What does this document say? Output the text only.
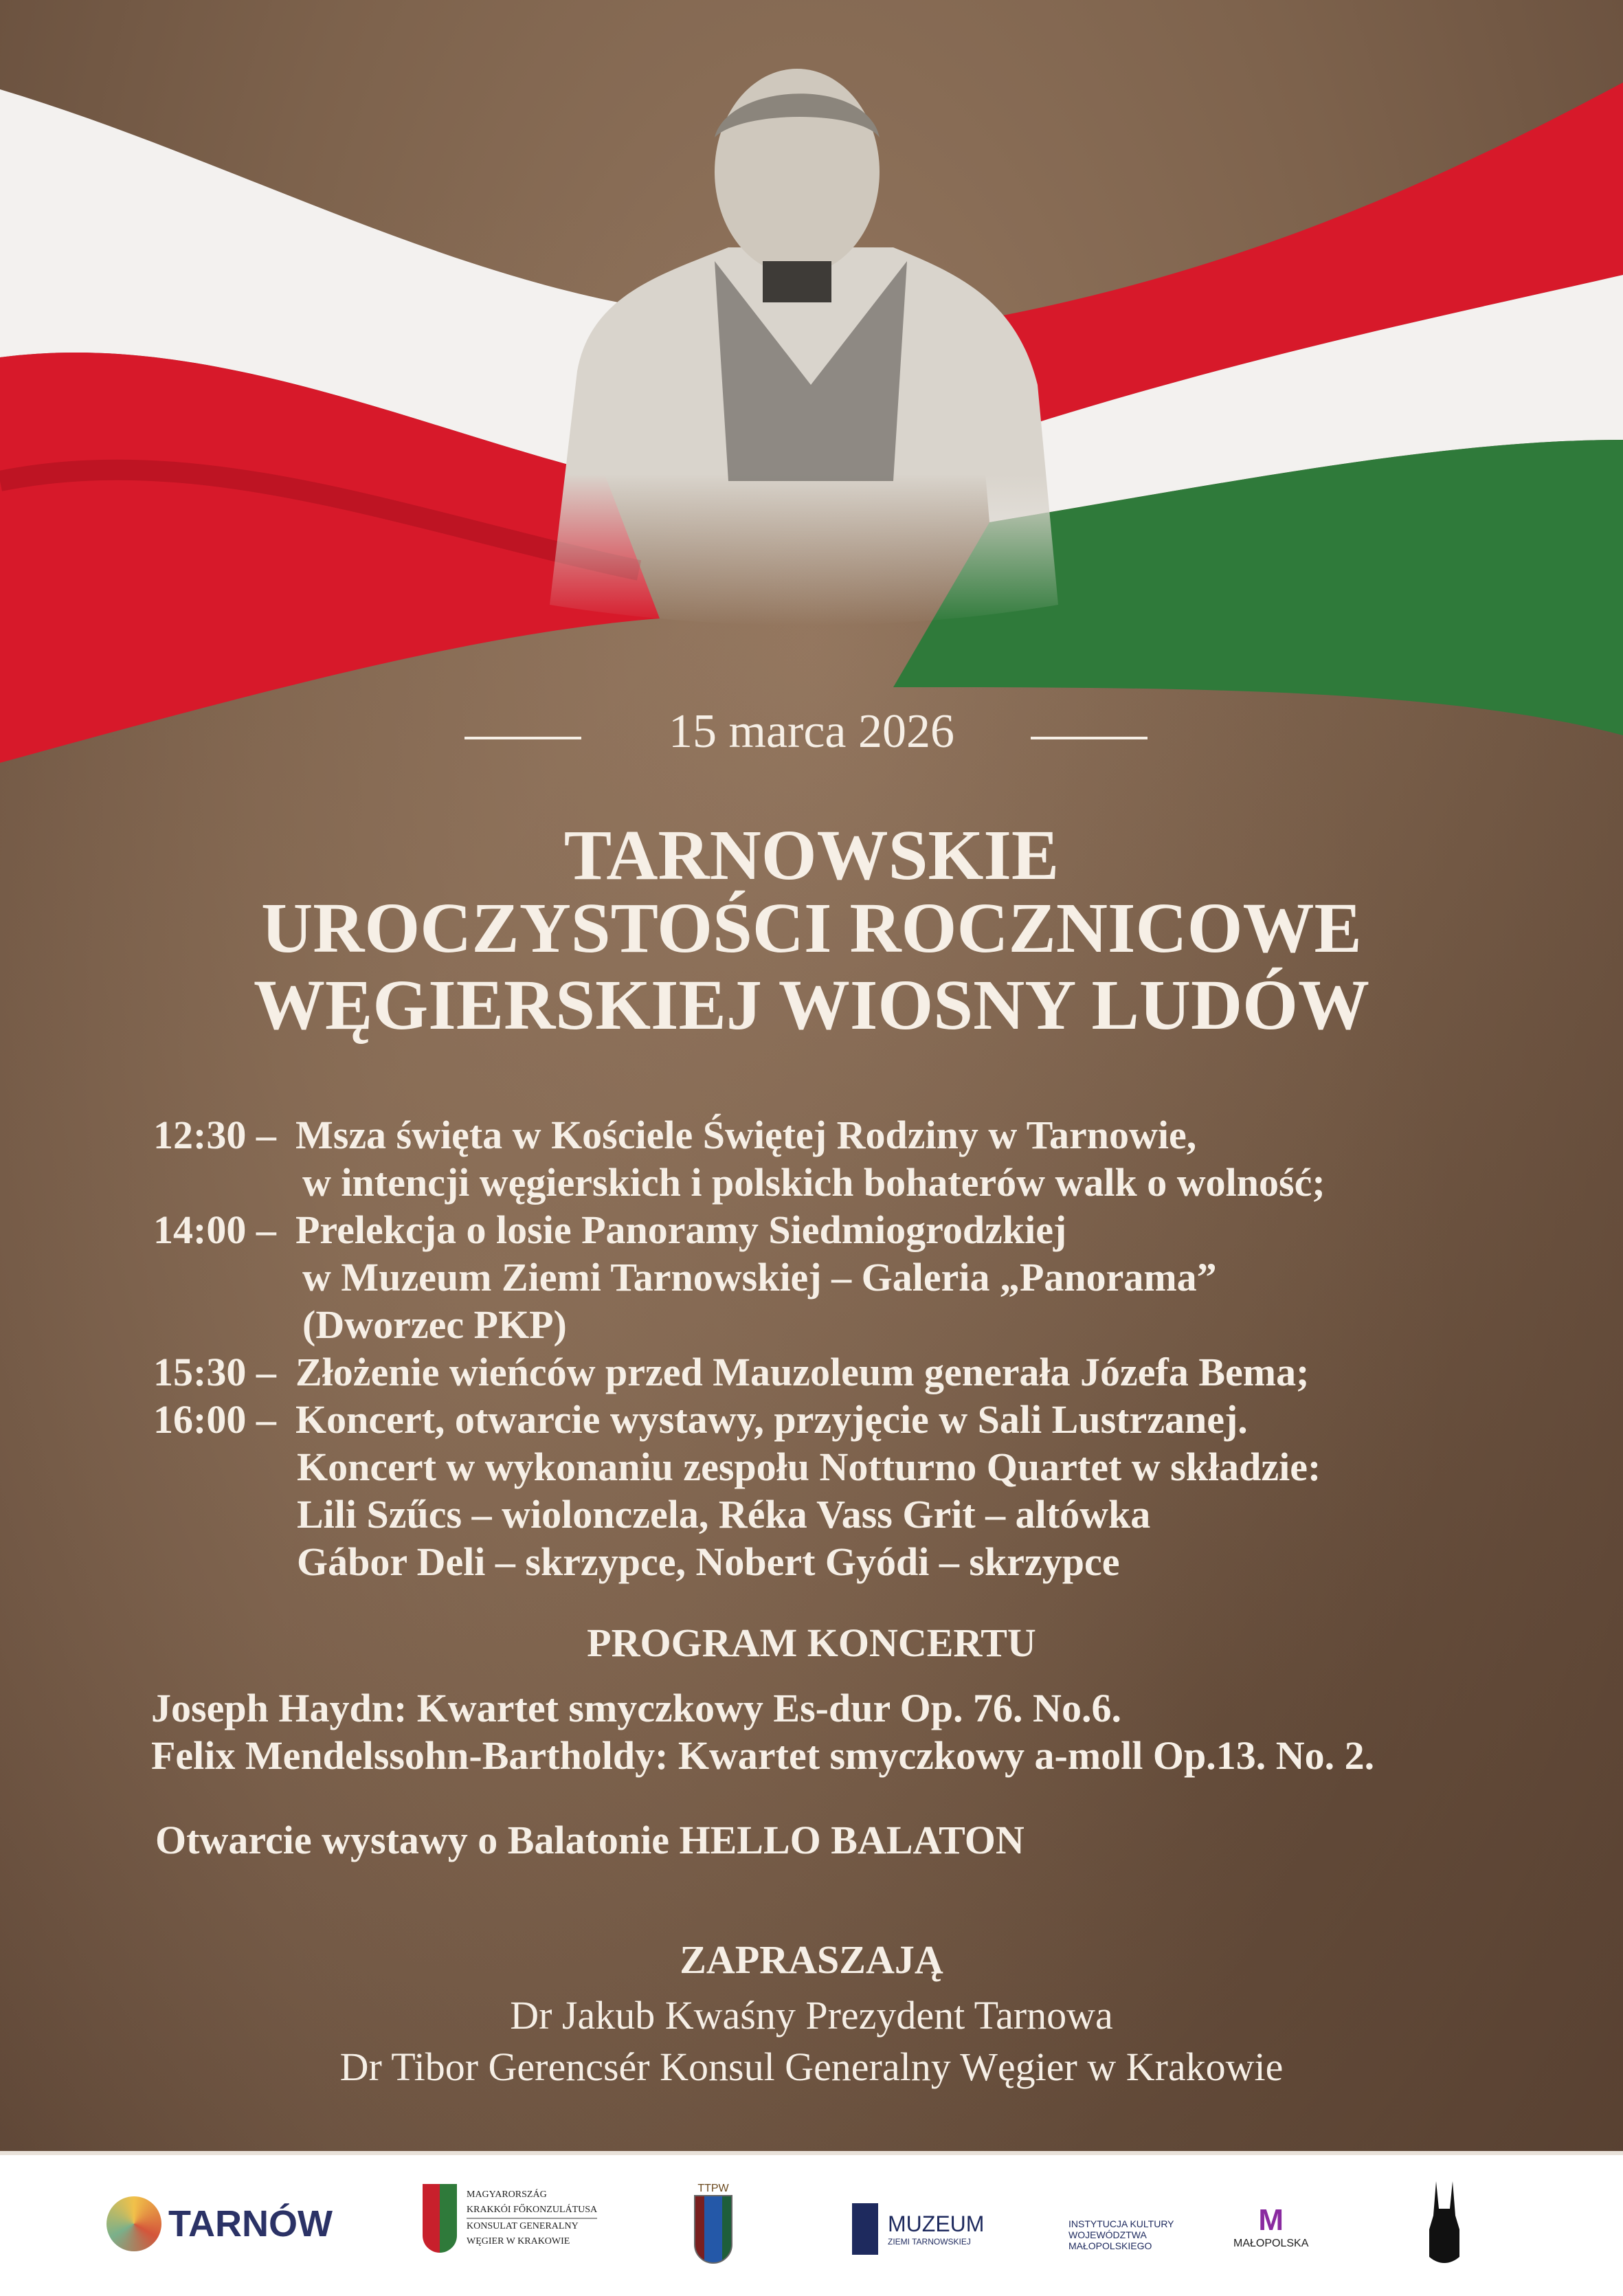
15 marca 2026
TARNOWSKIE
UROCZYSTOŚCI ROCZNICOWE
WĘGIERSKIEJ WIOSNY LUDÓW
12:30 – Msza święta w Kościele Świętej Rodziny w Tarnowie,
w intencji węgierskich i polskich bohaterów walk o wolność;
14:00 – Prelekcja o losie Panoramy Siedmiogrodzkiej
w Muzeum Ziemi Tarnowskiej – Galeria „Panorama”
(Dworzec PKP)
15:30 – Złożenie wieńców przed Mauzoleum generała Józefa Bema;
16:00 – Koncert, otwarcie wystawy, przyjęcie w Sali Lustrzanej.
Koncert w wykonaniu zespołu Notturno Quartet w składzie:
Lili Szűcs – wiolonczela, Réka Vass Grit – altówka
Gábor Deli – skrzypce, Nobert Gyódi – skrzypce
PROGRAM KONCERTU
Joseph Haydn: Kwartet smyczkowy Es-dur Op. 76. No.6.
Felix Mendelssohn-Bartholdy: Kwartet smyczkowy a-moll Op.13. No. 2.
Otwarcie wystawy o Balatonie HELLO BALATON
ZAPRASZAJĄ
Dr Jakub Kwaśny Prezydent Tarnowa
Dr Tibor Gerencsér Konsul Generalny Węgier w Krakowie
TARNÓW
MAGYARORSZÁG
KRAKKÓI FŐKONZULÁTUSA
KONSULAT GENERALNY
WĘGIER W KRAKOWIE
TTPW
MUZEUM
ZIEMI TARNOWSKIEJ
INSTYTUCJA KULTURY
WOJEWÓDZTWA
MAŁOPOLSKIEGO
M
MAŁOPOLSKA
